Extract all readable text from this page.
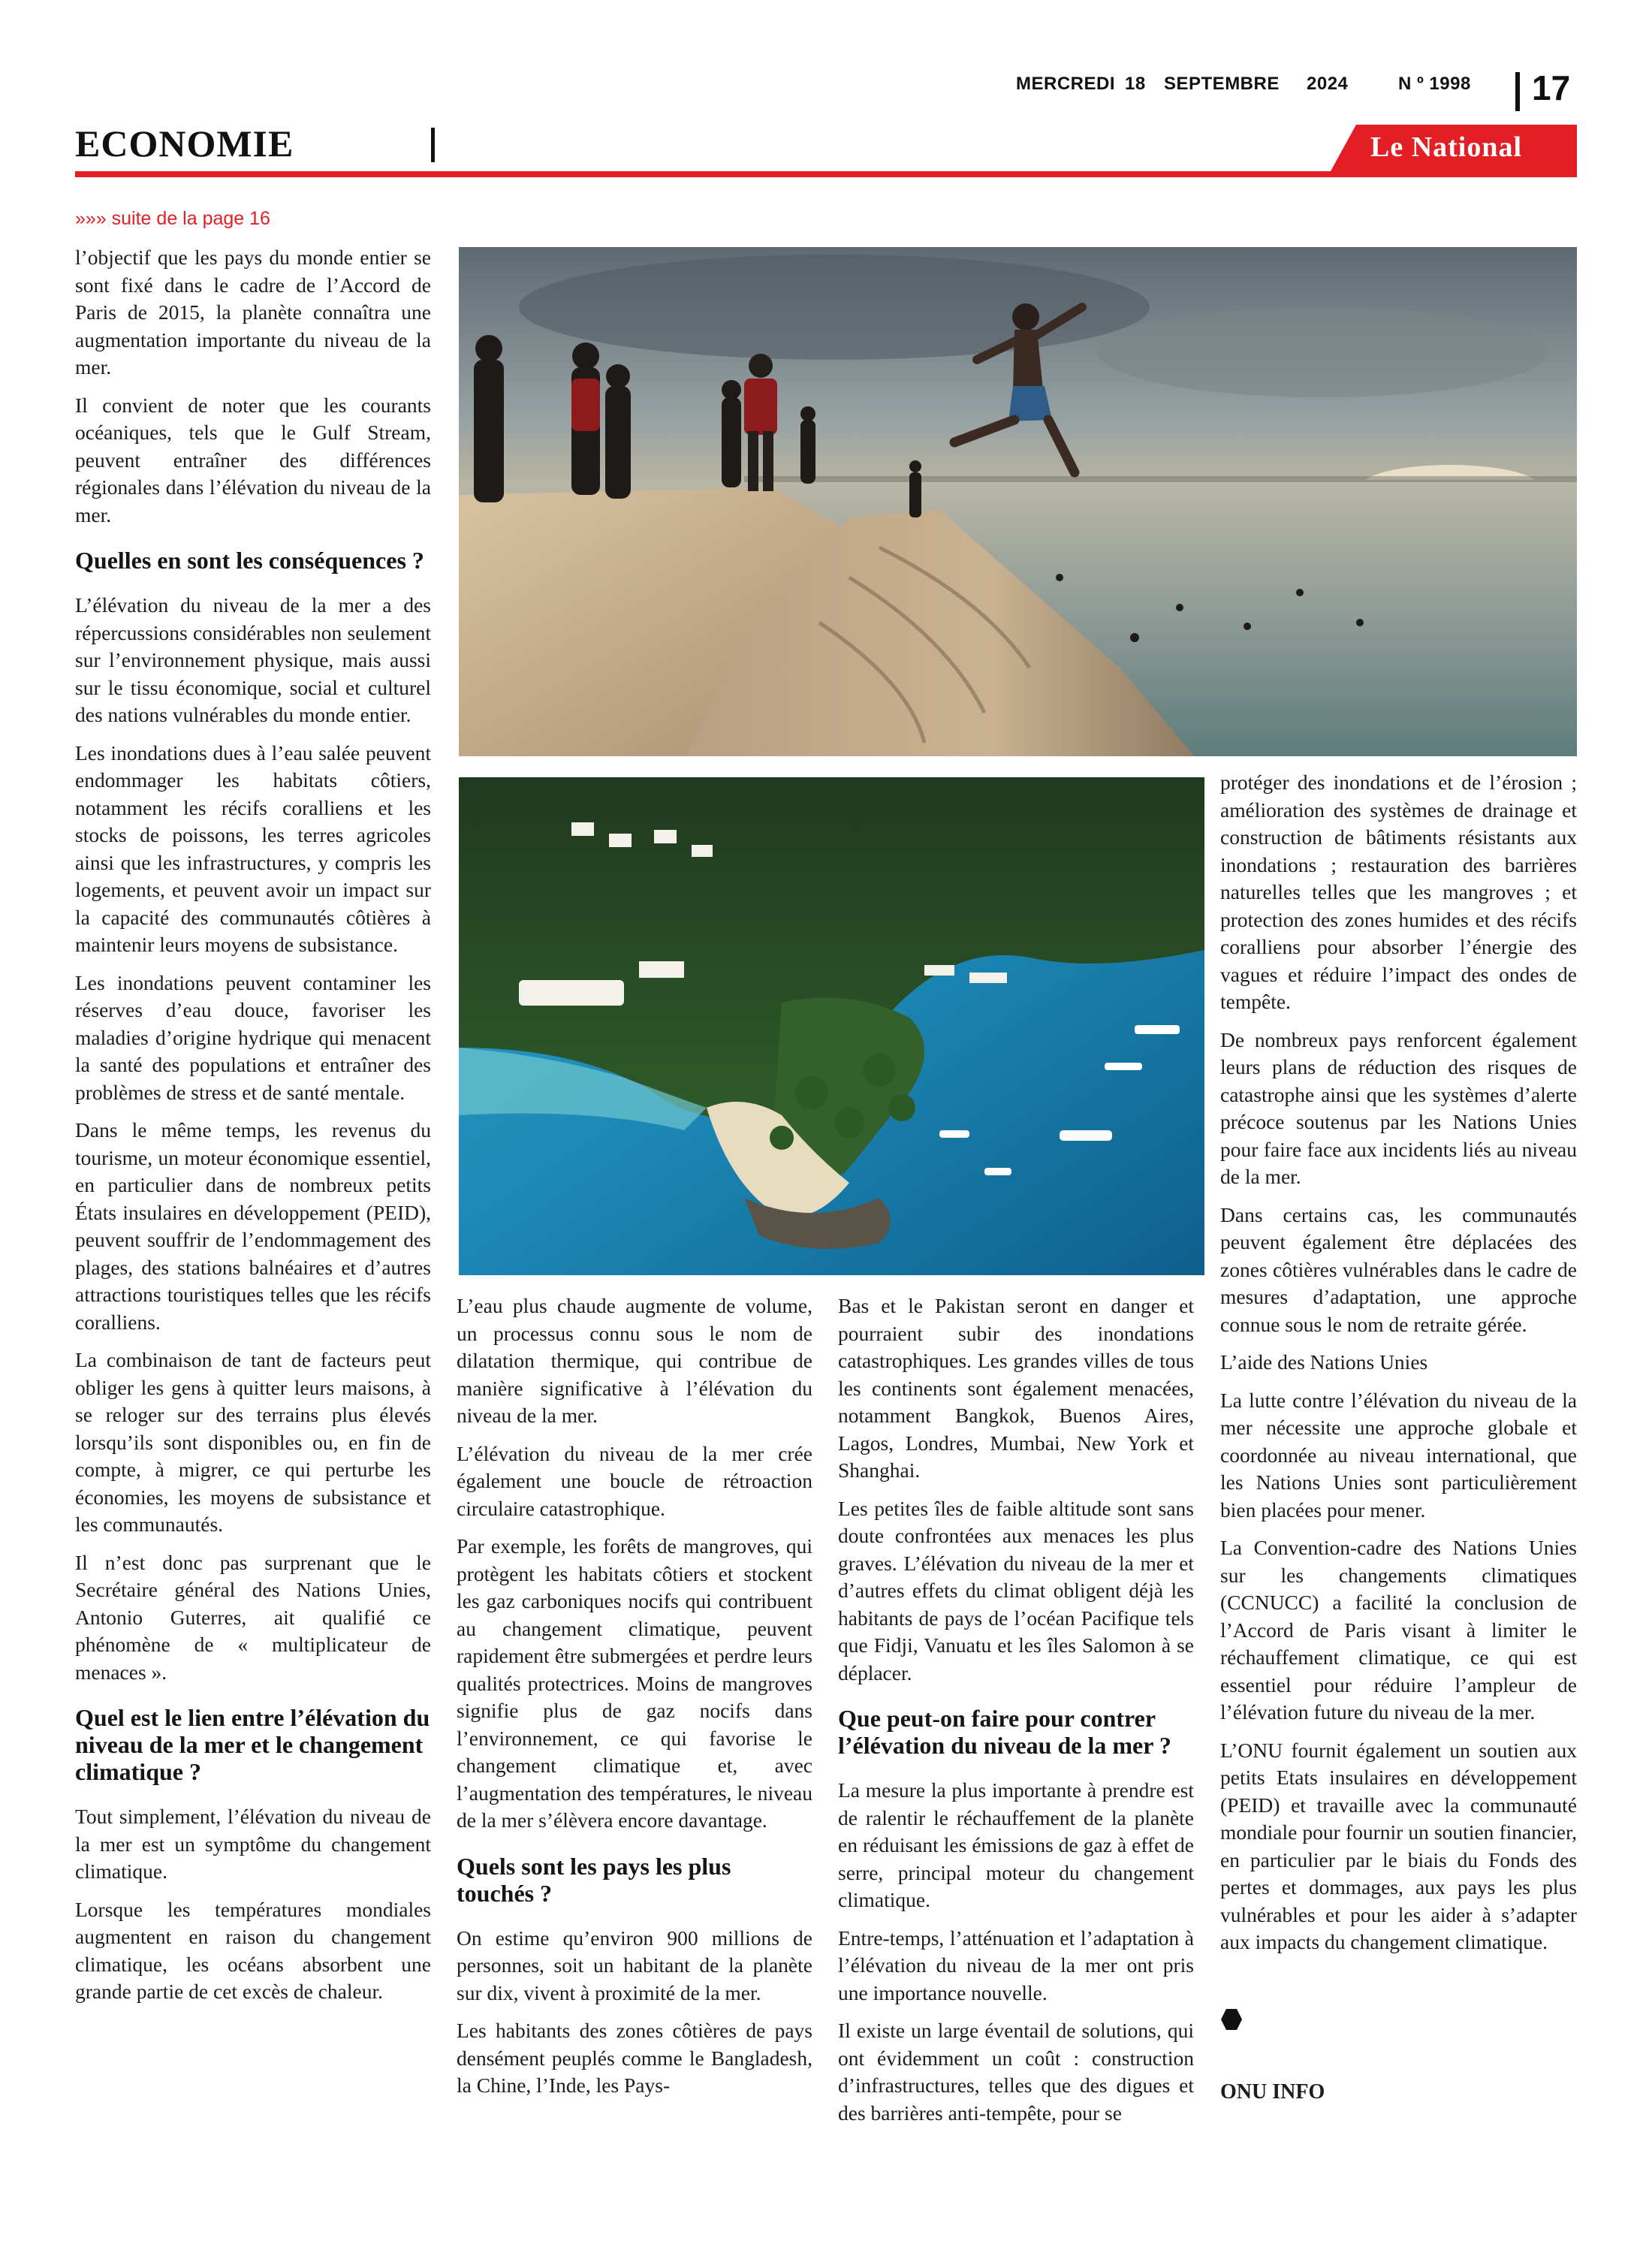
MERCREDI 18 SEPTEMBRE 2024	N º 1998 17
ECONOMIE	Le National
»»» suite de la page 16

l’objectif que les pays du monde entier se sont fixé dans le cadre de l’Accord de Paris de 2015, la planète connaîtra une augmentation importante du niveau de la mer.

Il convient de noter que les courants océaniques, tels que le Gulf Stream, peuvent entraîner des différences régionales dans l’élévation du niveau de la mer.

Quelles en sont les conséquences ?

L’élévation du niveau de la mer a des répercussions considérables non seulement sur l’environnement physique, mais aussi sur le tissu économique, social et culturel des nations vulnérables du monde entier.

Les inondations dues à l’eau salée peuvent endommager les habitats côtiers, notamment les récifs coralliens et les stocks de poissons, les terres agricoles ainsi que les infrastructures, y compris les logements, et peuvent avoir un impact sur la capacité des communautés côtières à maintenir leurs moyens de subsistance.

Les inondations peuvent contaminer les réserves d’eau douce, favoriser les maladies d’origine hydrique qui menacent la santé des populations et entraîner des problèmes de stress et de santé mentale.

Dans le même temps, les revenus du tourisme, un moteur économique essentiel, en particulier dans de nombreux petits États insulaires en développement (PEID), peuvent souffrir de l’endommagement des plages, des stations balnéaires et d’autres attractions touristiques telles que les récifs coralliens.

La combinaison de tant de facteurs peut obliger les gens à quitter leurs maisons, à se reloger sur des terrains plus élevés lorsqu’ils sont disponibles ou, en fin de compte, à migrer, ce qui perturbe les économies, les moyens de subsistance et les communautés.

Il n’est donc pas surprenant que le Secrétaire général des Nations Unies, Antonio Guterres, ait qualifié ce phénomène de « multiplicateur de menaces ».

Quel est le lien entre l’élévation du niveau de la mer et le changement climatique ?

Tout simplement, l’élévation du niveau de la mer est un symptôme du changement climatique.

Lorsque les températures mondiales augmentent en raison du changement climatique, les océans absorbent une grande partie de cet excès de chaleur.

L’eau plus chaude augmente de volume, un processus connu sous le nom de dilatation thermique, qui contribue de manière significative à l’élévation du niveau de la mer.

L’élévation du niveau de la mer crée également une boucle de rétroaction circulaire catastrophique.

Par exemple, les forêts de mangroves, qui protègent les habitats côtiers et stockent les gaz carboniques nocifs qui contribuent au changement climatique, peuvent rapidement être submergées et perdre leurs qualités protectrices. Moins de mangroves signifie plus de gaz nocifs dans l’environnement, ce qui favorise le changement climatique et, avec l’augmentation des températures, le niveau de la mer s’élèvera encore davantage.

Quels sont les pays les plus touchés ?

On estime qu’environ 900 millions de personnes, soit un habitant de la planète sur dix, vivent à proximité de la mer.

Les habitants des zones côtières de pays densément peuplés comme le Bangladesh, la Chine, l’Inde, les Pays-

Bas et le Pakistan seront en danger et pourraient subir des inondations catastrophiques. Les grandes villes de tous les continents sont également menacées, notamment Bangkok, Buenos Aires, Lagos, Londres, Mumbai, New York et Shanghai.

Les petites îles de faible altitude sont sans doute confrontées aux menaces les plus graves. L’élévation du niveau de la mer et d’autres effets du climat obligent déjà les habitants de pays de l’océan Pacifique tels que Fidji, Vanuatu et les îles Salomon à se déplacer.

Que peut-on faire pour contrer l’élévation du niveau de la mer ?

La mesure la plus importante à prendre est de ralentir le réchauffement de la planète en réduisant les émissions de gaz à effet de serre, principal moteur du changement climatique.

Entre-temps, l’atténuation et l’adaptation à l’élévation du niveau de la mer ont pris une importance nouvelle.

Il existe un large éventail de solutions, qui ont évidemment un coût : construction d’infrastructures, telles que des digues et des barrières anti-tempête, pour se

protéger des inondations et de l’érosion ; amélioration des systèmes de drainage et construction de bâtiments résistants aux inondations ; restauration des barrières naturelles telles que les mangroves ; et protection des zones humides et des récifs coralliens pour absorber l’énergie des vagues et réduire l’impact des ondes de tempête.

De nombreux pays renforcent également leurs plans de réduction des risques de catastrophe ainsi que les systèmes d’alerte précoce soutenus par les Nations Unies pour faire face aux incidents liés au niveau de la mer.

Dans certains cas, les communautés peuvent également être déplacées des zones côtières vulnérables dans le cadre de mesures d’adaptation, une approche connue sous le nom de retraite gérée.

L’aide des Nations Unies

La lutte contre l’élévation du niveau de la mer nécessite une approche globale et coordonnée au niveau international, que les Nations Unies sont particulièrement bien placées pour mener.

La Convention-cadre des Nations Unies sur les changements climatiques (CCNUCC) a facilité la conclusion de l’Accord de Paris visant à limiter le réchauffement climatique, ce qui est essentiel pour réduire l’ampleur de l’élévation future du niveau de la mer.

L’ONU fournit également un soutien aux petits Etats insulaires en développement (PEID) et travaille avec la communauté mondiale pour fournir un soutien financier, en particulier par le biais du Fonds des pertes et dommages, aux pays les plus vulnérables et pour les aider à s’adapter aux impacts du changement climatique.

ONU INFO
